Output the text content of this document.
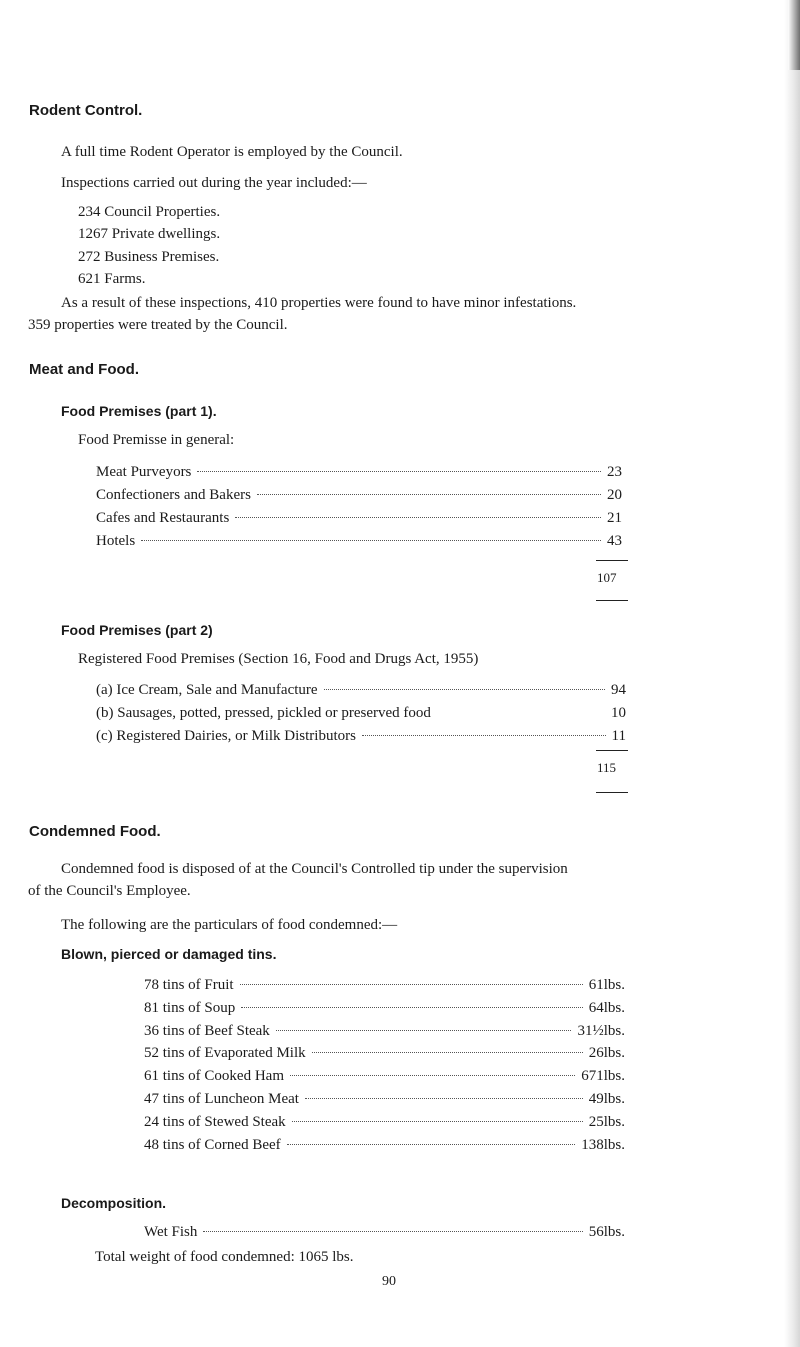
Rodent Control.
A full time Rodent Operator is employed by the Council.
Inspections carried out during the year included:—
234 Council Properties.
1267 Private dwellings.
272 Business Premises.
621 Farms.
As a result of these inspections, 410 properties were found to have minor infestations.
359 properties were treated by the Council.
Meat and Food.
Food Premises (part 1).
Food Premisse in general:
Meat Purveyors	23
Confectioners and Bakers	20
Cafes and Restaurants	21
Hotels	43
107
Food Premises (part 2)
Registered Food Premises (Section 16, Food and Drugs Act, 1955)
(a) Ice Cream, Sale and Manufacture	94
(b) Sausages, potted, pressed, pickled or preserved food	10
(c) Registered Dairies, or Milk Distributors	11
115
Condemned Food.
Condemned food is disposed of at the Council's Controlled tip under the supervision
of the Council's Employee.
The following are the particulars of food condemned:—
Blown, pierced or damaged tins.
78 tins of Fruit	61lbs.
81 tins of Soup	64lbs.
36 tins of Beef Steak	31½lbs.
52 tins of Evaporated Milk	26lbs.
61 tins of Cooked Ham	671lbs.
47 tins of Luncheon Meat	49lbs.
24 tins of Stewed Steak	25lbs.
48 tins of Corned Beef	138lbs.
Decomposition.
Wet Fish	56lbs.
Total weight of food condemned: 1065 lbs.
90
